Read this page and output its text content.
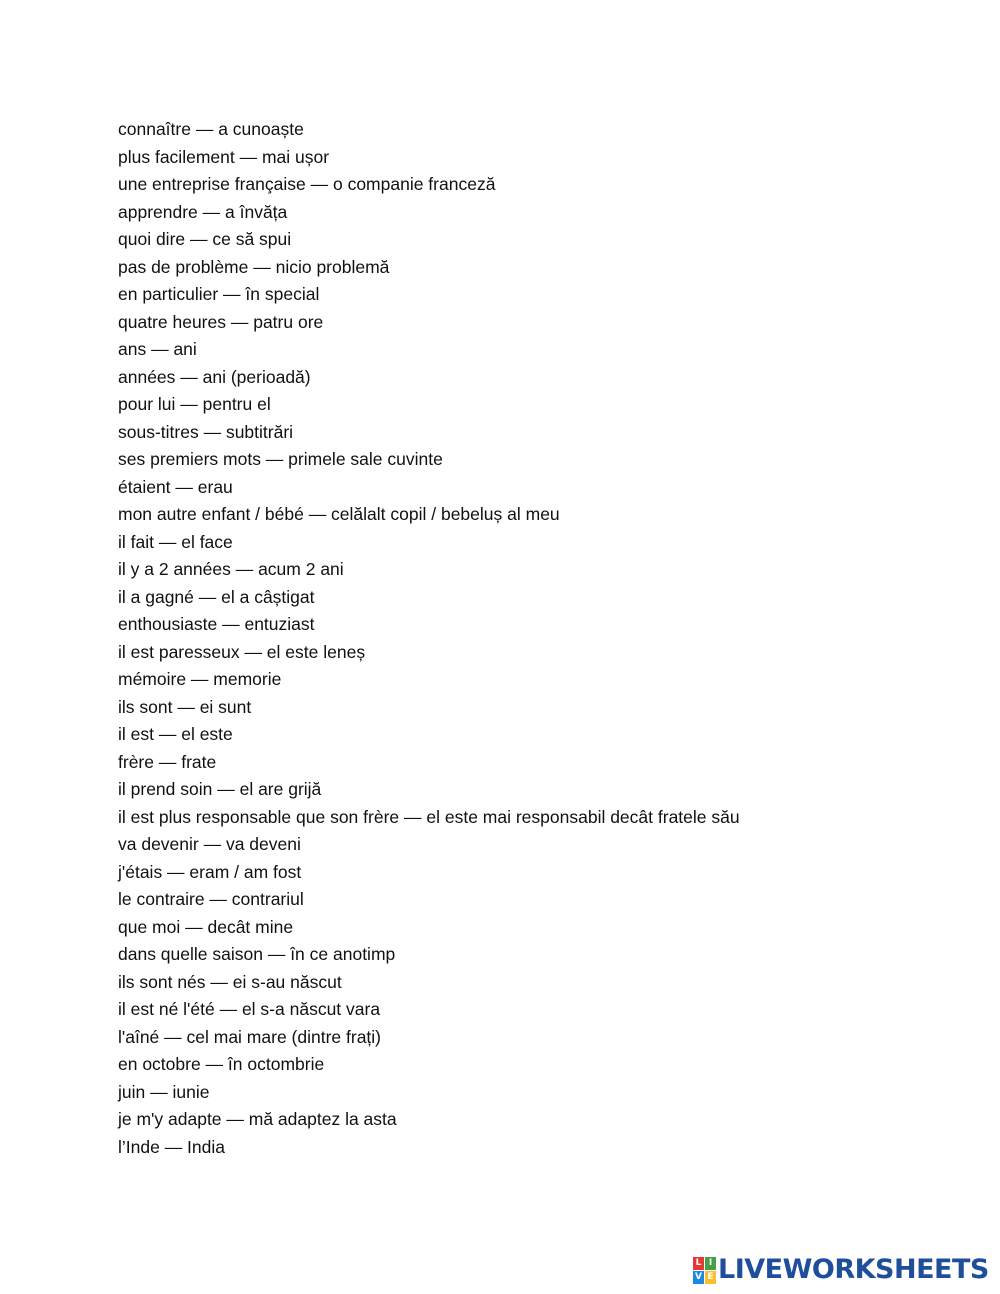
connaître — a cunoaște
plus facilement — mai ușor
une entreprise française — o companie franceză
apprendre — a învăța
quoi dire — ce să spui
pas de problème — nicio problemă
en particulier — în special
quatre heures — patru ore
ans — ani
années — ani (perioadă)
pour lui — pentru el
sous-titres — subtitrări
ses premiers mots — primele sale cuvinte
étaient — erau
mon autre enfant / bébé — celălalt copil / bebeluș al meu
il fait — el face
il y a 2 années — acum 2 ani
il a gagné — el a câștigat
enthousiaste — entuziast
il est paresseux — el este leneș
mémoire — memorie
ils sont — ei sunt
il est — el este
frère — frate
il prend soin — el are grijă
il est plus responsable que son frère — el este mai responsabil decât fratele său
va devenir — va deveni
j'étais — eram / am fost
le contraire — contrariul
que moi — decât mine
dans quelle saison — în ce anotimp
ils sont nés — ei s-au născut
il est né l'été — el s-a născut vara
l'aîné — cel mai mare (dintre frați)
en octobre — în octombrie
juin — iunie
je m'y adapte — mă adaptez la asta
l’Inde — India
L I
V E LIVEWORKSHEETS
